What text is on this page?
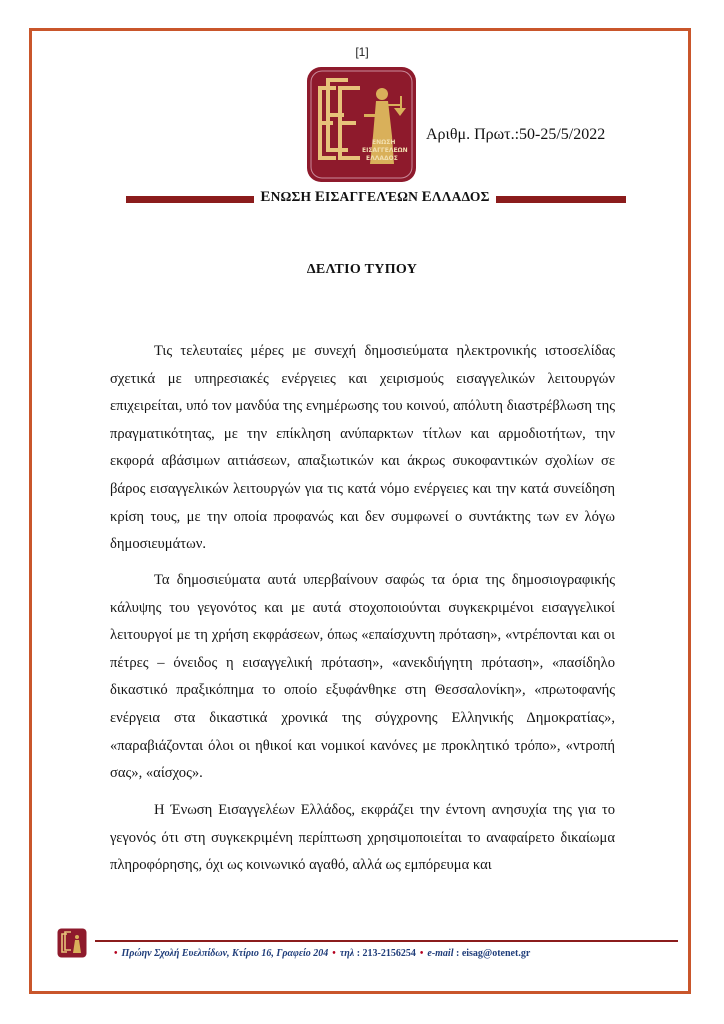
[1]
ΕΝΩΣΗ
ΕΙΣΑΓΓΕΛΕΩΝ
ΕΛΛΑΔΟΣ
Αριθμ. Πρωτ.:50-25/5/2022
ΕΝΩΣΗ ΕΙΣΑΓΓΕΛΈΩΝ ΕΛΛΑΔΟΣ
ΔΕΛΤΙΟ ΤΥΠΟΥ

Τις τελευταίες μέρες με συνεχή δημοσιεύματα ηλεκτρονικής ιστοσελίδας σχετικά με υπηρεσιακές ενέργειες και χειρισμούς εισαγγελικών λειτουργών επιχειρείται, υπό τον μανδύα της ενημέρωσης του κοινού, απόλυτη διαστρέβλωση της πραγματικότητας, με την επίκληση ανύπαρκτων τίτλων και αρμοδιοτήτων, την εκφορά αβάσιμων αιτιάσεων, απαξιωτικών και άκρως συκοφαντικών σχολίων σε βάρος εισαγγελικών λειτουργών για τις κατά νόμο ενέργειες και την κατά συνείδηση κρίση τους, με την οποία προφανώς και δεν συμφωνεί ο συντάκτης των εν λόγω δημοσιευμάτων.

Τα δημοσιεύματα αυτά υπερβαίνουν σαφώς τα όρια της δημοσιογραφικής κάλυψης του γεγονότος και με αυτά στοχοποιούνται συγκεκριμένοι εισαγγελικοί λειτουργοί με τη χρήση εκφράσεων, όπως «επαίσχυντη πρόταση», «ντρέπονται και οι πέτρες – όνειδος η εισαγγελική πρόταση», «ανεκδιήγητη πρόταση», «πασίδηλο δικαστικό πραξικόπημα το οποίο εξυφάνθηκε στη Θεσσαλονίκη», «πρωτοφανής ενέργεια στα δικαστικά χρονικά της σύγχρονης Ελληνικής Δημοκρατίας», «παραβιάζονται όλοι οι ηθικοί και νομικοί κανόνες με προκλητικό τρόπο», «ντροπή σας», «αίσχος».

Η Ένωση Εισαγγελέων Ελλάδος, εκφράζει την έντονη ανησυχία της για το γεγονός ότι στη συγκεκριμένη περίπτωση χρησιμοποιείται το αναφαίρετο δικαίωμα πληροφόρησης, όχι ως κοινωνικό αγαθό, αλλά ως εμπόρευμα και

• Πρώην Σχολή Ευελπίδων, Κτίριο 16, Γραφείο 204 • τηλ : 213-2156254 • e-mail : eisag@otenet.gr
